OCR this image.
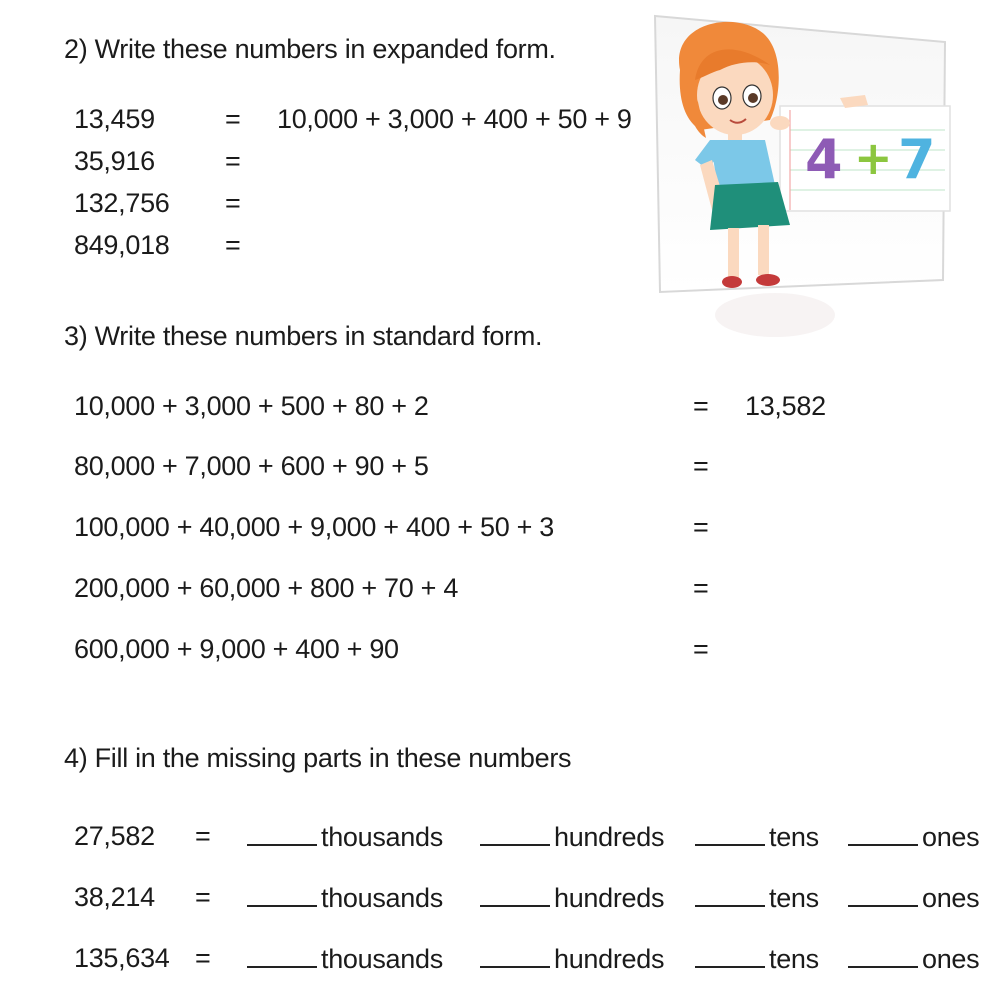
2) Write these numbers in expanded form.
13,459	= 10,000 + 3,000 + 400 + 50 + 9
35,916	=
132,756 =
849,018 =
4 + 7
3) Write these numbers in standard form.
10,000 + 3,000 + 500 + 80 + 2	= 13,582
80,000 + 7,000 + 600 + 90 + 5	=
100,000 + 40,000 + 9,000 + 400 + 50 + 3	=
200,000 + 60,000 + 800 + 70 + 4	=
600,000 + 9,000 + 400 + 90	=
4) Fill in the missing parts in these numbers
27,582 =	thousands	hundreds	tens	ones
38,214 =	thousands	hundreds	tens	ones
135,634 =	thousands	hundreds	tens	ones
